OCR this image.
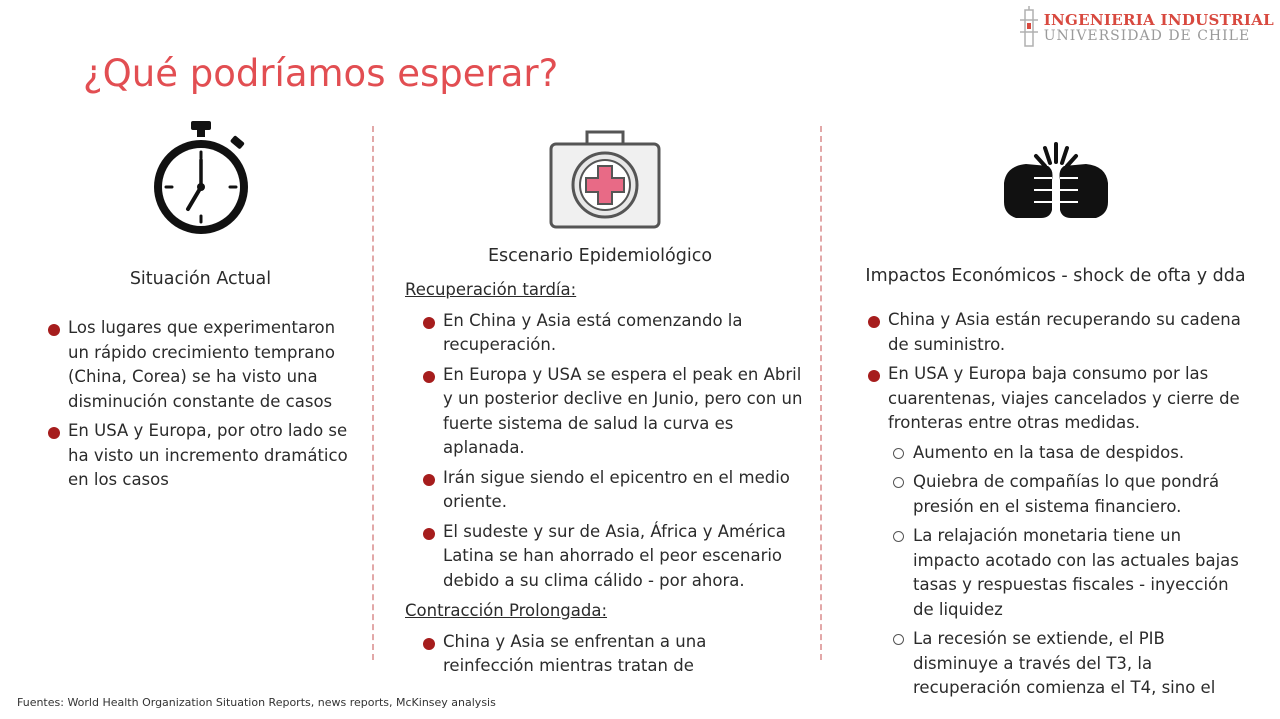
INGENIERIA INDUSTRIAL
UNIVERSIDAD DE CHILE
¿Qué podríamos esperar?

Situación Actual

Los lugares que experimentaron un rápido crecimiento temprano (China, Corea) se ha visto una disminución constante de casos
En USA y Europa, por otro lado se ha visto un incremento dramático en los casos

Escenario Epidemiológico

Recuperación tardía:

En China y Asia está comenzando la recuperación.
En Europa y USA se espera el peak en Abril y un posterior declive en Junio, pero con un fuerte sistema de salud la curva es aplanada.
Irán sigue siendo el epicentro en el medio oriente.
El sudeste y sur de Asia, África y América Latina se han ahorrado el peor escenario debido a su clima cálido - por ahora.

Contracción Prolongada:

China y Asia se enfrentan a una reinfección mientras tratan de

Impactos Económicos - shock de ofta y dda

China y Asia están recuperando su cadena de suministro.
En USA y Europa baja consumo por las cuarentenas, viajes cancelados y cierre de fronteras entre otras medidas.
Aumento en la tasa de despidos.
Quiebra de compañías lo que pondrá presión en el sistema financiero.
La relajación monetaria tiene un impacto acotado con las actuales bajas tasas y respuestas fiscales - inyección de liquidez
La recesión se extiende, el PIB disminuye a través del T3, la recuperación comienza el T4, sino el
Fuentes: World Health Organization Situation Reports, news reports, McKinsey analysis
